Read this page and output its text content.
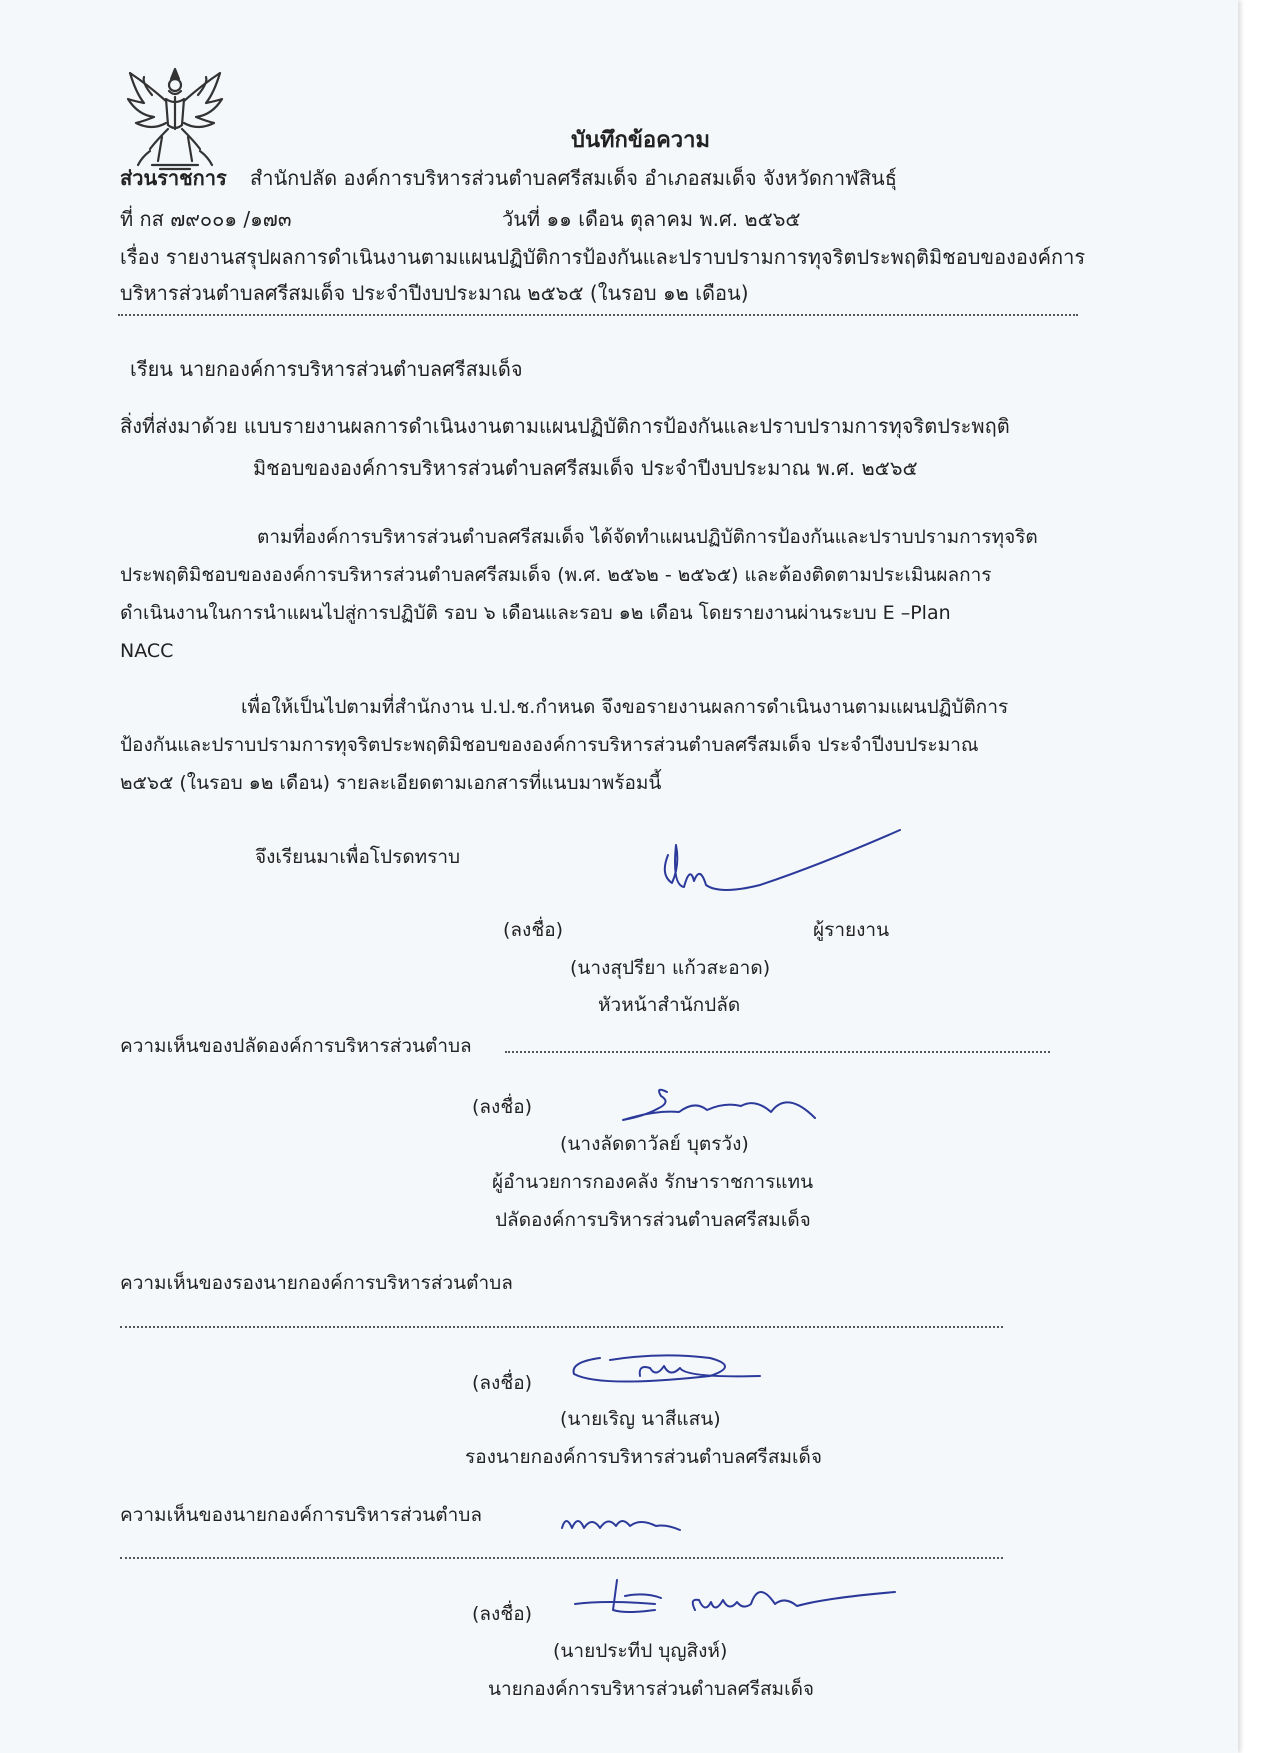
บันทึกข้อความ
ส่วนราชการ สำนักปลัด องค์การบริหารส่วนตำบลศรีสมเด็จ อำเภอสมเด็จ จังหวัดกาฬสินธุ์
ที่ กส ๗๙๐๐๑ /๑๗๓	วันที่ ๑๑ เดือน ตุลาคม พ.ศ. ๒๕๖๕
เรื่อง รายงานสรุปผลการดำเนินงานตามแผนปฏิบัติการป้องกันและปราบปรามการทุจริตประพฤติมิชอบขององค์การ
บริหารส่วนตำบลศรีสมเด็จ ประจำปีงบประมาณ ๒๕๖๕ (ในรอบ ๑๒ เดือน)
เรียน นายกองค์การบริหารส่วนตำบลศรีสมเด็จ
สิ่งที่ส่งมาด้วย แบบรายงานผลการดำเนินงานตามแผนปฏิบัติการป้องกันและปราบปรามการทุจริตประพฤติ
มิชอบขององค์การบริหารส่วนตำบลศรีสมเด็จ ประจำปีงบประมาณ พ.ศ. ๒๕๖๕
ตามที่องค์การบริหารส่วนตำบลศรีสมเด็จ ได้จัดทำแผนปฏิบัติการป้องกันและปราบปรามการทุจริต
ประพฤติมิชอบขององค์การบริหารส่วนตำบลศรีสมเด็จ (พ.ศ. ๒๕๖๒ - ๒๕๖๕) และต้องติดตามประเมินผลการ
ดำเนินงานในการนำแผนไปสู่การปฏิบัติ รอบ ๖ เดือนและรอบ ๑๒ เดือน โดยรายงานผ่านระบบ E –Plan
NACC
เพื่อให้เป็นไปตามที่สำนักงาน ป.ป.ช.กำหนด จึงขอรายงานผลการดำเนินงานตามแผนปฏิบัติการ
ป้องกันและปราบปรามการทุจริตประพฤติมิชอบขององค์การบริหารส่วนตำบลศรีสมเด็จ ประจำปีงบประมาณ
๒๕๖๕ (ในรอบ ๑๒ เดือน) รายละเอียดตามเอกสารที่แนบมาพร้อมนี้
จึงเรียนมาเพื่อโปรดทราบ
(ลงชื่อ)	ผู้รายงาน
(นางสุปรียา แก้วสะอาด)
หัวหน้าสำนักปลัด
ความเห็นของปลัดองค์การบริหารส่วนตำบล
(ลงชื่อ)
(นางลัดดาวัลย์ บุตรวัง)
ผู้อำนวยการกองคลัง รักษาราชการแทน
ปลัดองค์การบริหารส่วนตำบลศรีสมเด็จ
ความเห็นของรองนายกองค์การบริหารส่วนตำบล
(ลงชื่อ)
(นายเริญ นาสีแสน)
รองนายกองค์การบริหารส่วนตำบลศรีสมเด็จ
ความเห็นของนายกองค์การบริหารส่วนตำบล
(ลงชื่อ)
(นายประทีป บุญสิงห์)
นายกองค์การบริหารส่วนตำบลศรีสมเด็จ
